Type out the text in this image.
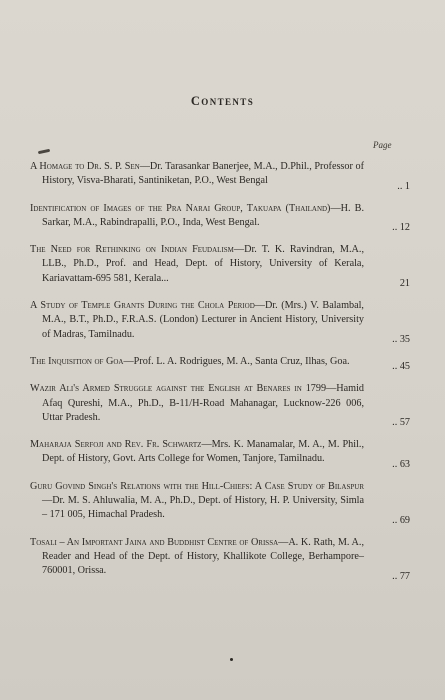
Contents
Page
A Homage to Dr. S. P. Sen—Dr. Tarasankar Banerjee, M.A., D.Phil., Professor of History, Visva-Bharati, Santiniketan, P.O., West Bengal	.. 1
Identification of Images of the Pra Narai Group, Takuapa (Thailand)—H. B. Sarkar, M.A., Rabindrapalli, P.O., Inda, West Bengal.	.. 12
The Need for Rethinking on Indian Feudalism—Dr. T. K. Ravindran, M.A., LLB., Ph.D., Prof. and Head, Dept. of History, University of Kerala, Kariavattam-695 581, Kerala...	21
A Study of Temple Grants During the Chola Period—Dr. (Mrs.) V. Balambal, M.A., B.T., Ph.D., F.R.A.S. (London) Lecturer in Ancient History, University of Madras, Tamilnadu.	.. 35
The Inquisition of Goa—Prof. L. A. Rodrigues, M. A., Santa Cruz, Ilhas, Goa.	.. 45
Wazir Ali's Armed Struggle against the English at Benares in 1799—Hamid Afaq Qureshi, M.A., Ph.D., B-11/H-Road Mahanagar, Lucknow-226 006, Uttar Pradesh.	.. 57
Maharaja Serfoji and Rev. Fr. Schwartz—Mrs. K. Manamalar, M. A., M. Phil., Dept. of History, Govt. Arts College for Women, Tanjore, Tamilnadu.	.. 63
Guru Govind Singh's Relations with the Hill-Chiefs: A Case Study of Bilaspur—Dr. M. S. Ahluwalia, M. A., Ph.D., Dept. of History, H. P. University, Simla – 171 005, Himachal Pradesh.	.. 69
Tosali – An Important Jaina and Buddhist Centre of Orissa—A. K. Rath, M. A., Reader and Head of the Dept. of History, Khallikote College, Berhampore–760001, Orissa.	.. 77
